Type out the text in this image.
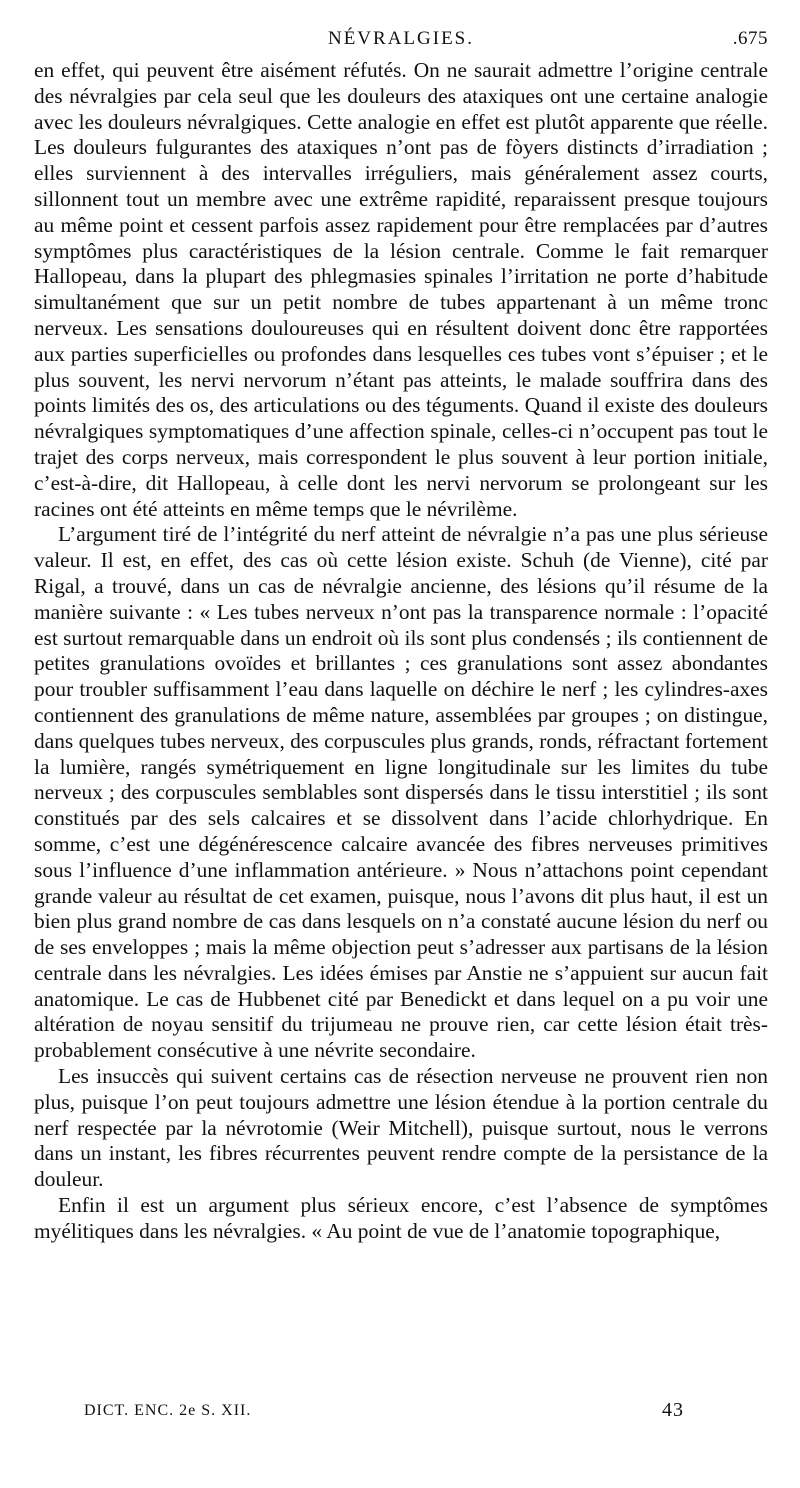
NÉVRALGIES.	.675

en effet, qui peuvent être aisément réfutés. On ne saurait admettre l’origine centrale des névralgies par cela seul que les douleurs des ataxiques ont une certaine analogie avec les douleurs névralgiques. Cette analogie en effet est plutôt apparente que réelle. Les douleurs fulgurantes des ataxiques n’ont pas de fòyers distincts d’irradiation ; elles surviennent à des intervalles irréguliers, mais généralement assez courts, sillonnent tout un membre avec une extrême rapidité, reparaissent presque toujours au même point et cessent parfois assez rapidement pour être remplacées par d’autres symptômes plus caractéristiques de la lésion centrale. Comme le fait remarquer Hallopeau, dans la plupart des phlegmasies spinales l’irritation ne porte d’habitude simultanément que sur un petit nombre de tubes appartenant à un même tronc nerveux. Les sensations douloureuses qui en résultent doivent donc être rapportées aux parties superficielles ou profondes dans lesquelles ces tubes vont s’épuiser ; et le plus souvent, les nervi nervorum n’étant pas atteints, le malade souffrira dans des points limités des os, des articulations ou des téguments. Quand il existe des douleurs névralgiques symptomatiques d’une affection spinale, celles-ci n’occupent pas tout le trajet des corps nerveux, mais correspondent le plus souvent à leur portion initiale, c’est-à-dire, dit Hallopeau, à celle dont les nervi nervorum se prolongeant sur les racines ont été atteints en même temps que le névrilème.

L’argument tiré de l’intégrité du nerf atteint de névralgie n’a pas une plus sérieuse valeur. Il est, en effet, des cas où cette lésion existe. Schuh (de Vienne), cité par Rigal, a trouvé, dans un cas de névralgie ancienne, des lésions qu’il résume de la manière suivante : « Les tubes nerveux n’ont pas la transparence normale : l’opacité est surtout remarquable dans un endroit où ils sont plus condensés ; ils contiennent de petites granulations ovoïdes et brillantes ; ces granulations sont assez abondantes pour troubler suffisamment l’eau dans laquelle on déchire le nerf ; les cylindres-axes contiennent des granulations de même nature, assemblées par groupes ; on distingue, dans quelques tubes nerveux, des corpuscules plus grands, ronds, réfractant fortement la lumière, rangés symétriquement en ligne longitudinale sur les limites du tube nerveux ; des corpuscules semblables sont dispersés dans le tissu interstitiel ; ils sont constitués par des sels calcaires et se dissolvent dans l’acide chlorhydrique. En somme, c’est une dégénérescence calcaire avancée des fibres nerveuses primitives sous l’influence d’une inflammation antérieure. » Nous n’attachons point cependant grande valeur au résultat de cet examen, puisque, nous l’avons dit plus haut, il est un bien plus grand nombre de cas dans lesquels on n’a constaté aucune lésion du nerf ou de ses enveloppes ; mais la même objection peut s’adresser aux partisans de la lésion centrale dans les névralgies. Les idées émises par Anstie ne s’appuient sur aucun fait anatomique. Le cas de Hubbenet cité par Benedickt et dans lequel on a pu voir une altération de noyau sensitif du trijumeau ne prouve rien, car cette lésion était très-probablement consécutive à une névrite secondaire.

Les insuccès qui suivent certains cas de résection nerveuse ne prouvent rien non plus, puisque l’on peut toujours admettre une lésion étendue à la portion centrale du nerf respectée par la névrotomie (Weir Mitchell), puisque surtout, nous le verrons dans un instant, les fibres récurrentes peuvent rendre compte de la persistance de la douleur.

Enfin il est un argument plus sérieux encore, c’est l’absence de symptômes myélitiques dans les névralgies. « Au point de vue de l’anatomie topographique,

DICT. ENC. 2e S. XII.	43
